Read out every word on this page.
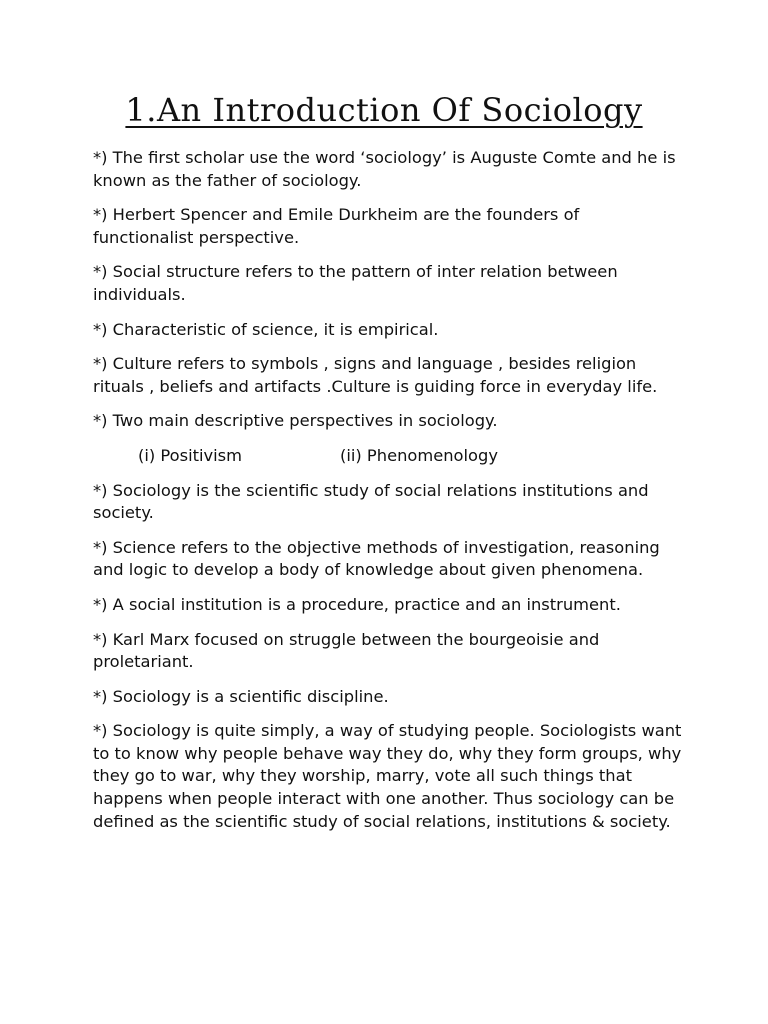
1.An Introduction Of Sociology

*) The first scholar use the word ‘sociology’ is Auguste Comte and he is known as the father of sociology.

*) Herbert Spencer and Emile Durkheim are the founders of functionalist perspective.

*) Social structure refers to the pattern of inter relation between individuals.

*) Characteristic of science, it is empirical.

*) Culture refers to symbols , signs and language , besides religion rituals , beliefs and artifacts .Culture is guiding force in everyday life.

*) Two main descriptive perspectives in sociology.

(i) Positivism	(ii) Phenomenology

*) Sociology is the scientific study of social relations institutions and society.

*) Science refers to the objective methods of investigation, reasoning and logic to develop a body of knowledge about given phenomena.

*) A social institution is a procedure, practice and an instrument.

*) Karl Marx focused on struggle between the bourgeoisie and proletariant.

*) Sociology is a scientific discipline.

*) Sociology is quite simply, a way of studying people. Sociologists want to to know why people behave way they do, why they form groups, why they go to war, why they worship, marry, vote all such things that happens when people interact with one another. Thus sociology can be defined as the scientific study of social relations, institutions & society.
